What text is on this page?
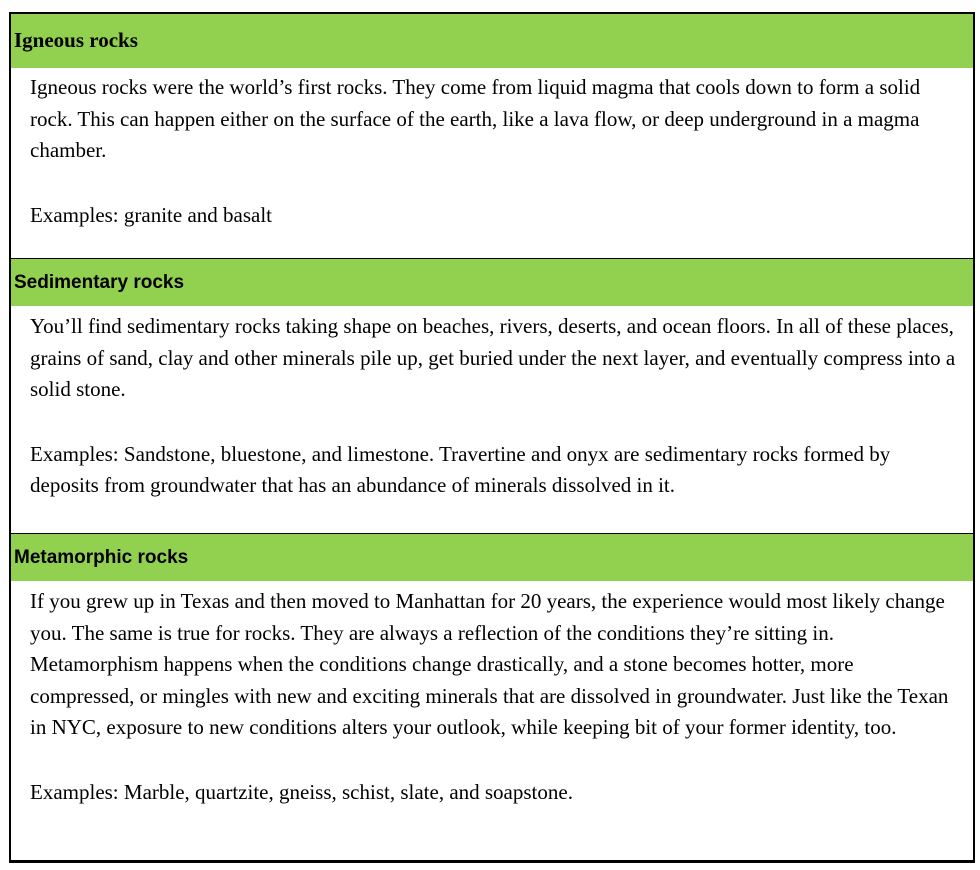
Igneous rocks

Igneous rocks were the world’s first rocks. They come from liquid magma that cools down to form a solid rock. This can happen either on the surface of the earth, like a lava flow, or deep underground in a magma chamber.

Examples: granite and basalt

Sedimentary rocks

You’ll find sedimentary rocks taking shape on beaches, rivers, deserts, and ocean floors. In all of these places, grains of sand, clay and other minerals pile up, get buried under the next layer, and eventually compress into a solid stone.

Examples: Sandstone, bluestone, and limestone. Travertine and onyx are sedimentary rocks formed by deposits from groundwater that has an abundance of minerals dissolved in it.

Metamorphic rocks

If you grew up in Texas and then moved to Manhattan for 20 years, the experience would most likely change you. The same is true for rocks. They are always a reflection of the conditions they’re sitting in. Metamorphism happens when the conditions change drastically, and a stone becomes hotter, more compressed, or mingles with new and exciting minerals that are dissolved in groundwater. Just like the Texan in NYC, exposure to new conditions alters your outlook, while keeping bit of your former identity, too.

Examples: Marble, quartzite, gneiss, schist, slate, and soapstone.
